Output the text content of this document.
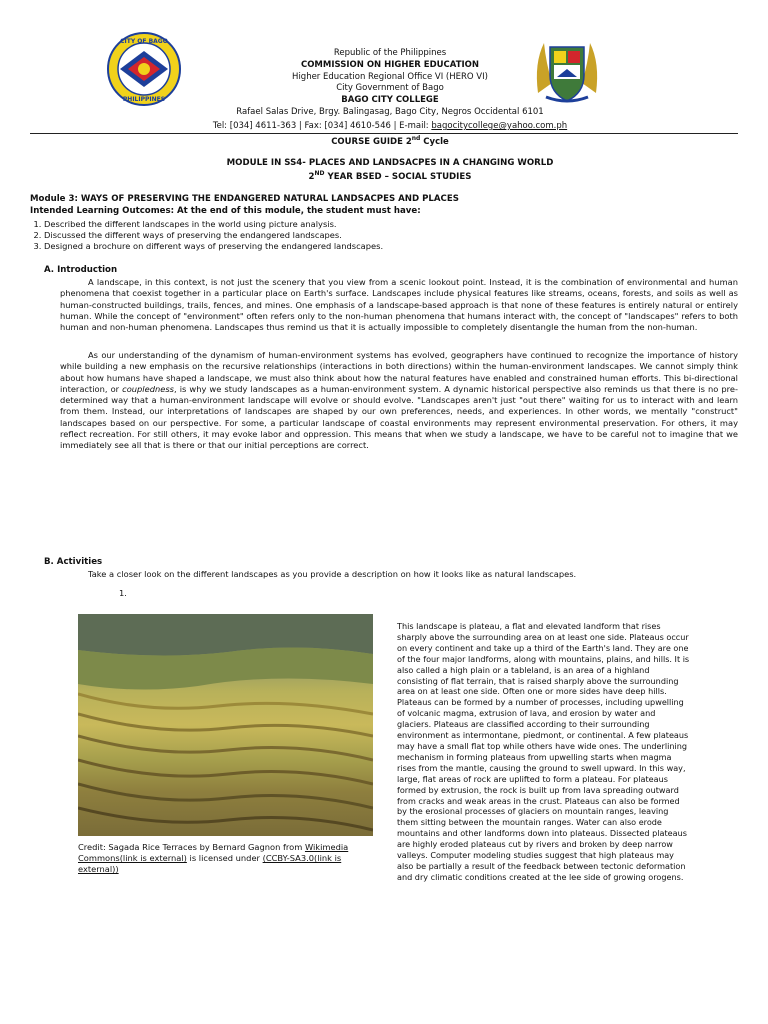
CITY OF BAGO
PHILIPPINES
Republic of the Philippines
COMMISSION ON HIGHER EDUCATION
Higher Education Regional Office VI (HERO VI)
City Government of Bago
BAGO CITY COLLEGE
Rafael Salas Drive, Brgy. Balingasag, Bago City, Negros Occidental 6101
Tel: [034] 4611-363 | Fax: [034] 4610-546 | E-mail: bagocitycollege@yahoo.com.ph
COURSE GUIDE 2nd Cycle
MODULE IN SS4- PLACES AND LANDSACPES IN A CHANGING WORLD
2ND YEAR BSED – SOCIAL STUDIES
Module 3: WAYS OF PRESERVING THE ENDANGERED NATURAL LANDSACPES AND PLACES
Intended Learning Outcomes: At the end of this module, the student must have:
1. Described the different landscapes in the world using picture analysis.
2. Discussed the different ways of preserving the endangered landscapes.
3. Designed a brochure on different ways of preserving the endangered landscapes.
A. Introduction
A landscape, in this context, is not just the scenery that you view from a scenic lookout point. Instead, it is the combination of environmental and human phenomena that coexist together in a particular place on Earth's surface. Landscapes include physical features like streams, oceans, forests, and soils as well as human-constructed buildings, trails, fences, and mines. One emphasis of a landscape-based approach is that none of these features is entirely natural or entirely human. While the concept of "environment" often refers only to the non-human phenomena that humans interact with, the concept of "landscapes" refers to both human and non-human phenomena. Landscapes thus remind us that it is actually impossible to completely disentangle the human from the non-human.
As our understanding of the dynamism of human-environment systems has evolved, geographers have continued to recognize the importance of history while building a new emphasis on the recursive relationships (interactions in both directions) within the human-environment landscapes. We cannot simply think about how humans have shaped a landscape, we must also think about how the natural features have enabled and constrained human efforts. This bi-directional interaction, or coupledness, is why we study landscapes as a human-environment system. A dynamic historical perspective also reminds us that there is no pre-determined way that a human-environment landscape will evolve or should evolve. "Landscapes aren't just "out there" waiting for us to interact with and learn from them. Instead, our interpretations of landscapes are shaped by our own preferences, needs, and experiences. In other words, we mentally "construct" landscapes based on our perspective. For some, a particular landscape of coastal environments may represent environmental preservation. For others, it may reflect recreation. For still others, it may evoke labor and oppression. This means that when we study a landscape, we have to be careful not to imagine that we immediately see all that is there or that our initial perceptions are correct.
B. Activities
Take a closer look on the different landscapes as you provide a description on how it looks like as natural landscapes.
1.
Credit: Sagada Rice Terraces by Bernard Gagnon from Wikimedia Commons(link is external) is licensed under (CCBY-SA3.0(link is external))
This landscape is plateau, a flat and elevated landform that rises sharply above the surrounding area on at least one side. Plateaus occur on every continent and take up a third of the Earth's land. They are one of the four major landforms, along with mountains, plains, and hills. It is also called a high plain or a tableland, is an area of a highland consisting of flat terrain, that is raised sharply above the surrounding area on at least one side. Often one or more sides have deep hills. Plateaus can be formed by a number of processes, including upwelling of volcanic magma, extrusion of lava, and erosion by water and glaciers. Plateaus are classified according to their surrounding environment as intermontane, piedmont, or continental. A few plateaus may have a small flat top while others have wide ones. The underlining mechanism in forming plateaus from upwelling starts when magma rises from the mantle, causing the ground to swell upward. In this way, large, flat areas of rock are uplifted to form a plateau. For plateaus formed by extrusion, the rock is built up from lava spreading outward from cracks and weak areas in the crust. Plateaus can also be formed by the erosional processes of glaciers on mountain ranges, leaving them sitting between the mountain ranges. Water can also erode mountains and other landforms down into plateaus. Dissected plateaus are highly eroded plateaus cut by rivers and broken by deep narrow valleys. Computer modeling studies suggest that high plateaus may also be partially a result of the feedback between tectonic deformation and dry climatic conditions created at the lee side of growing orogens.
